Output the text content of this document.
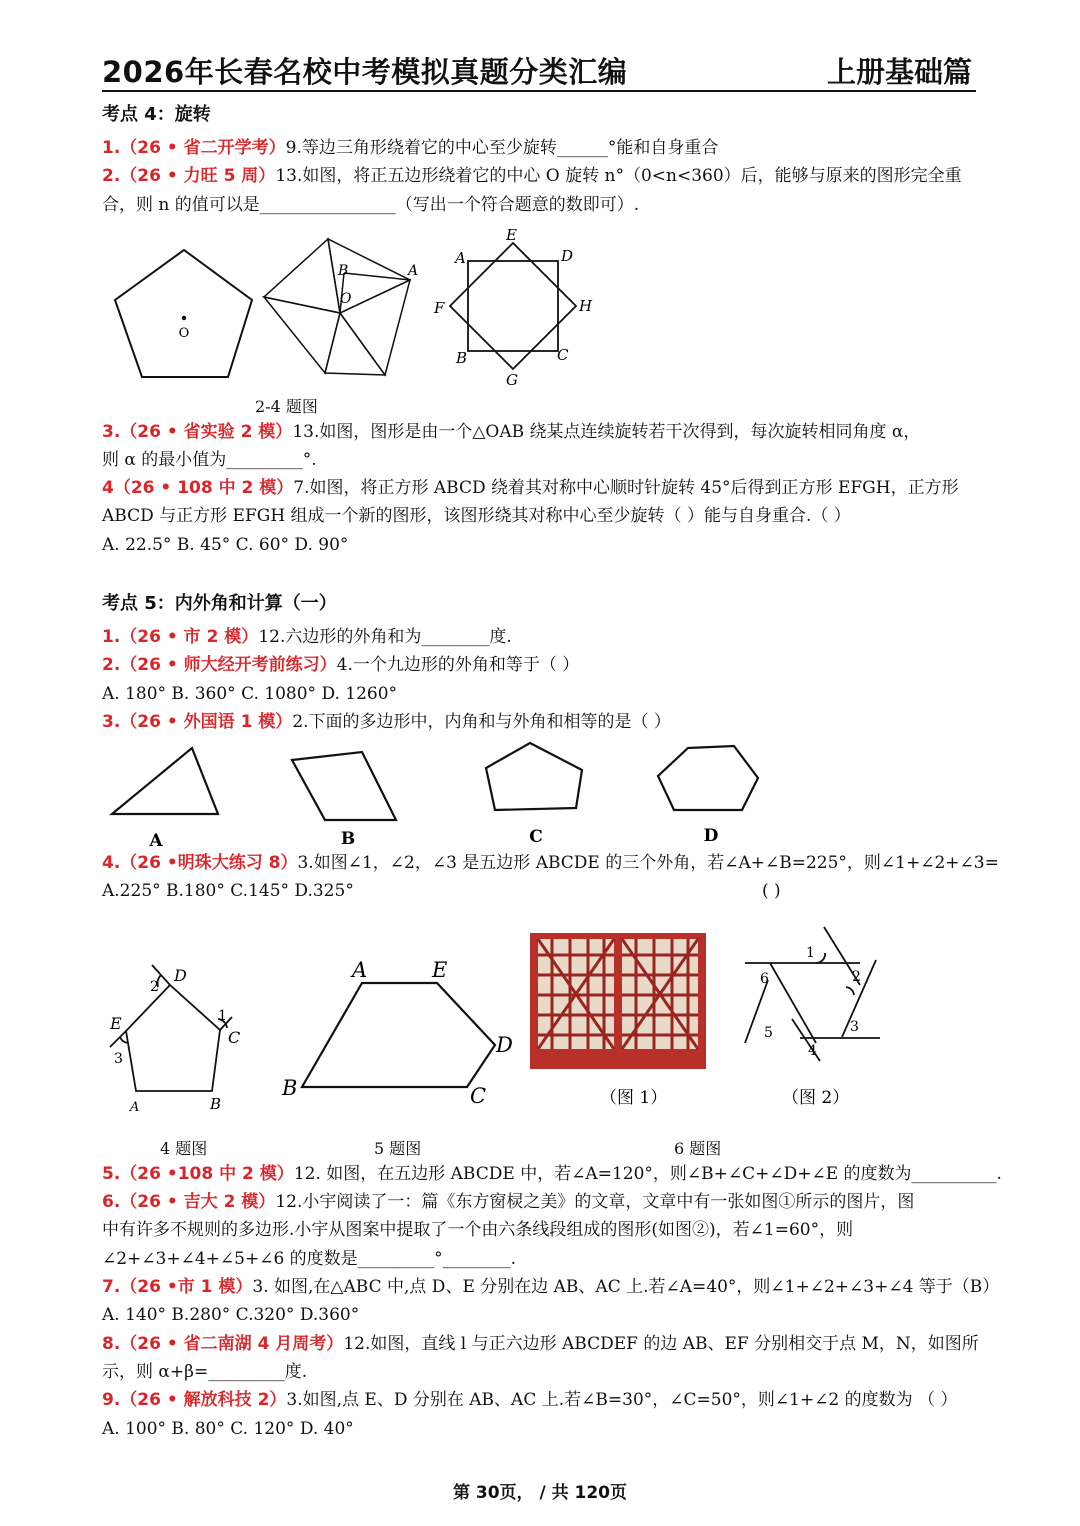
2026年长春名校中考模拟真题分类汇编	上册基础篇
考点 4：旋转
1.（26 • 省二开学考）9.等边三角形绕着它的中心至少旋转______°能和自身重合
2.（26 • 力旺 5 周）13.如图，将正五边形绕着它的中心 O 旋转 n°（0<n<360）后，能够与原来的图形完全重
合，则 n 的值可以是________________（写出一个符合题意的数即可）.
O
B	A
O
E
A	D
F	H
B	C
G
2-4 题图
3.（26 • 省实验 2 模）13.如图，图形是由一个△OAB 绕某点连续旋转若干次得到，每次旋转相同角度 α，
则 α 的最小值为_________°.
4（26 • 108 中 2 模）7.如图，将正方形 ABCD 绕着其对称中心顺时针旋转 45°后得到正方形 EFGH，正方形
ABCD 与正方形 EFGH 组成一个新的图形，该图形绕其对称中心至少旋转（ ）能与自身重合.（ ）
A. 22.5° B. 45° C. 60° D. 90°
考点 5：内外角和计算（一）
1.（26 • 市 2 模）12.六边形的外角和为________度.
2.（26 • 师大经开考前练习）4.一个九边形的外角和等于（ ）
A. 180° B. 360° C. 1080° D. 1260°
3.（26 • 外国语 1 模）2.下面的多边形中，内角和与外角和相等的是（ ）
A	B	C	D
4.（26 •明珠大练习 8）3.如图∠1，∠2，∠3 是五边形 ABCDE 的三个外角，若∠A+∠B=225°，则∠1+∠2+∠3=
A.225° B.180° C.145° D.325°	( )
D
2
1
C
E
3
A	B
A	E
D
B	C	（图 1）
1
2
3
4
5
6
（图 2）
4 题图	5 题图	6 题图
5.（26 •108 中 2 模）12. 如图，在五边形 ABCDE 中，若∠A=120°，则∠B+∠C+∠D+∠E 的度数为__________.
6.（26 • 吉大 2 模）12.小宇阅读了一：篇《东方窗棂之美》的文章，文章中有一张如图①所示的图片，图
中有许多不规则的多边形.小宇从图案中提取了一个由六条线段组成的图形(如图②)，若∠1=60°，则
∠2+∠3+∠4+∠5+∠6 的度数是_________°________.
7.（26 •市 1 模）3. 如图,在△ABC 中,点 D、E 分别在边 AB、AC 上.若∠A=40°，则∠1+∠2+∠3+∠4 等于（B）
A. 140° B.280° C.320° D.360°
8.（26 • 省二南湖 4 月周考）12.如图，直线 l 与正六边形 ABCDEF 的边 AB、EF 分别相交于点 M，N，如图所
示，则 α+β=_________度.
9.（26 • 解放科技 2）3.如图,点 E、D 分别在 AB、AC 上.若∠B=30°，∠C=50°，则∠1+∠2 的度数为 （ ）
A. 100° B. 80° C. 120° D. 40°
第 30页， / 共 120页
